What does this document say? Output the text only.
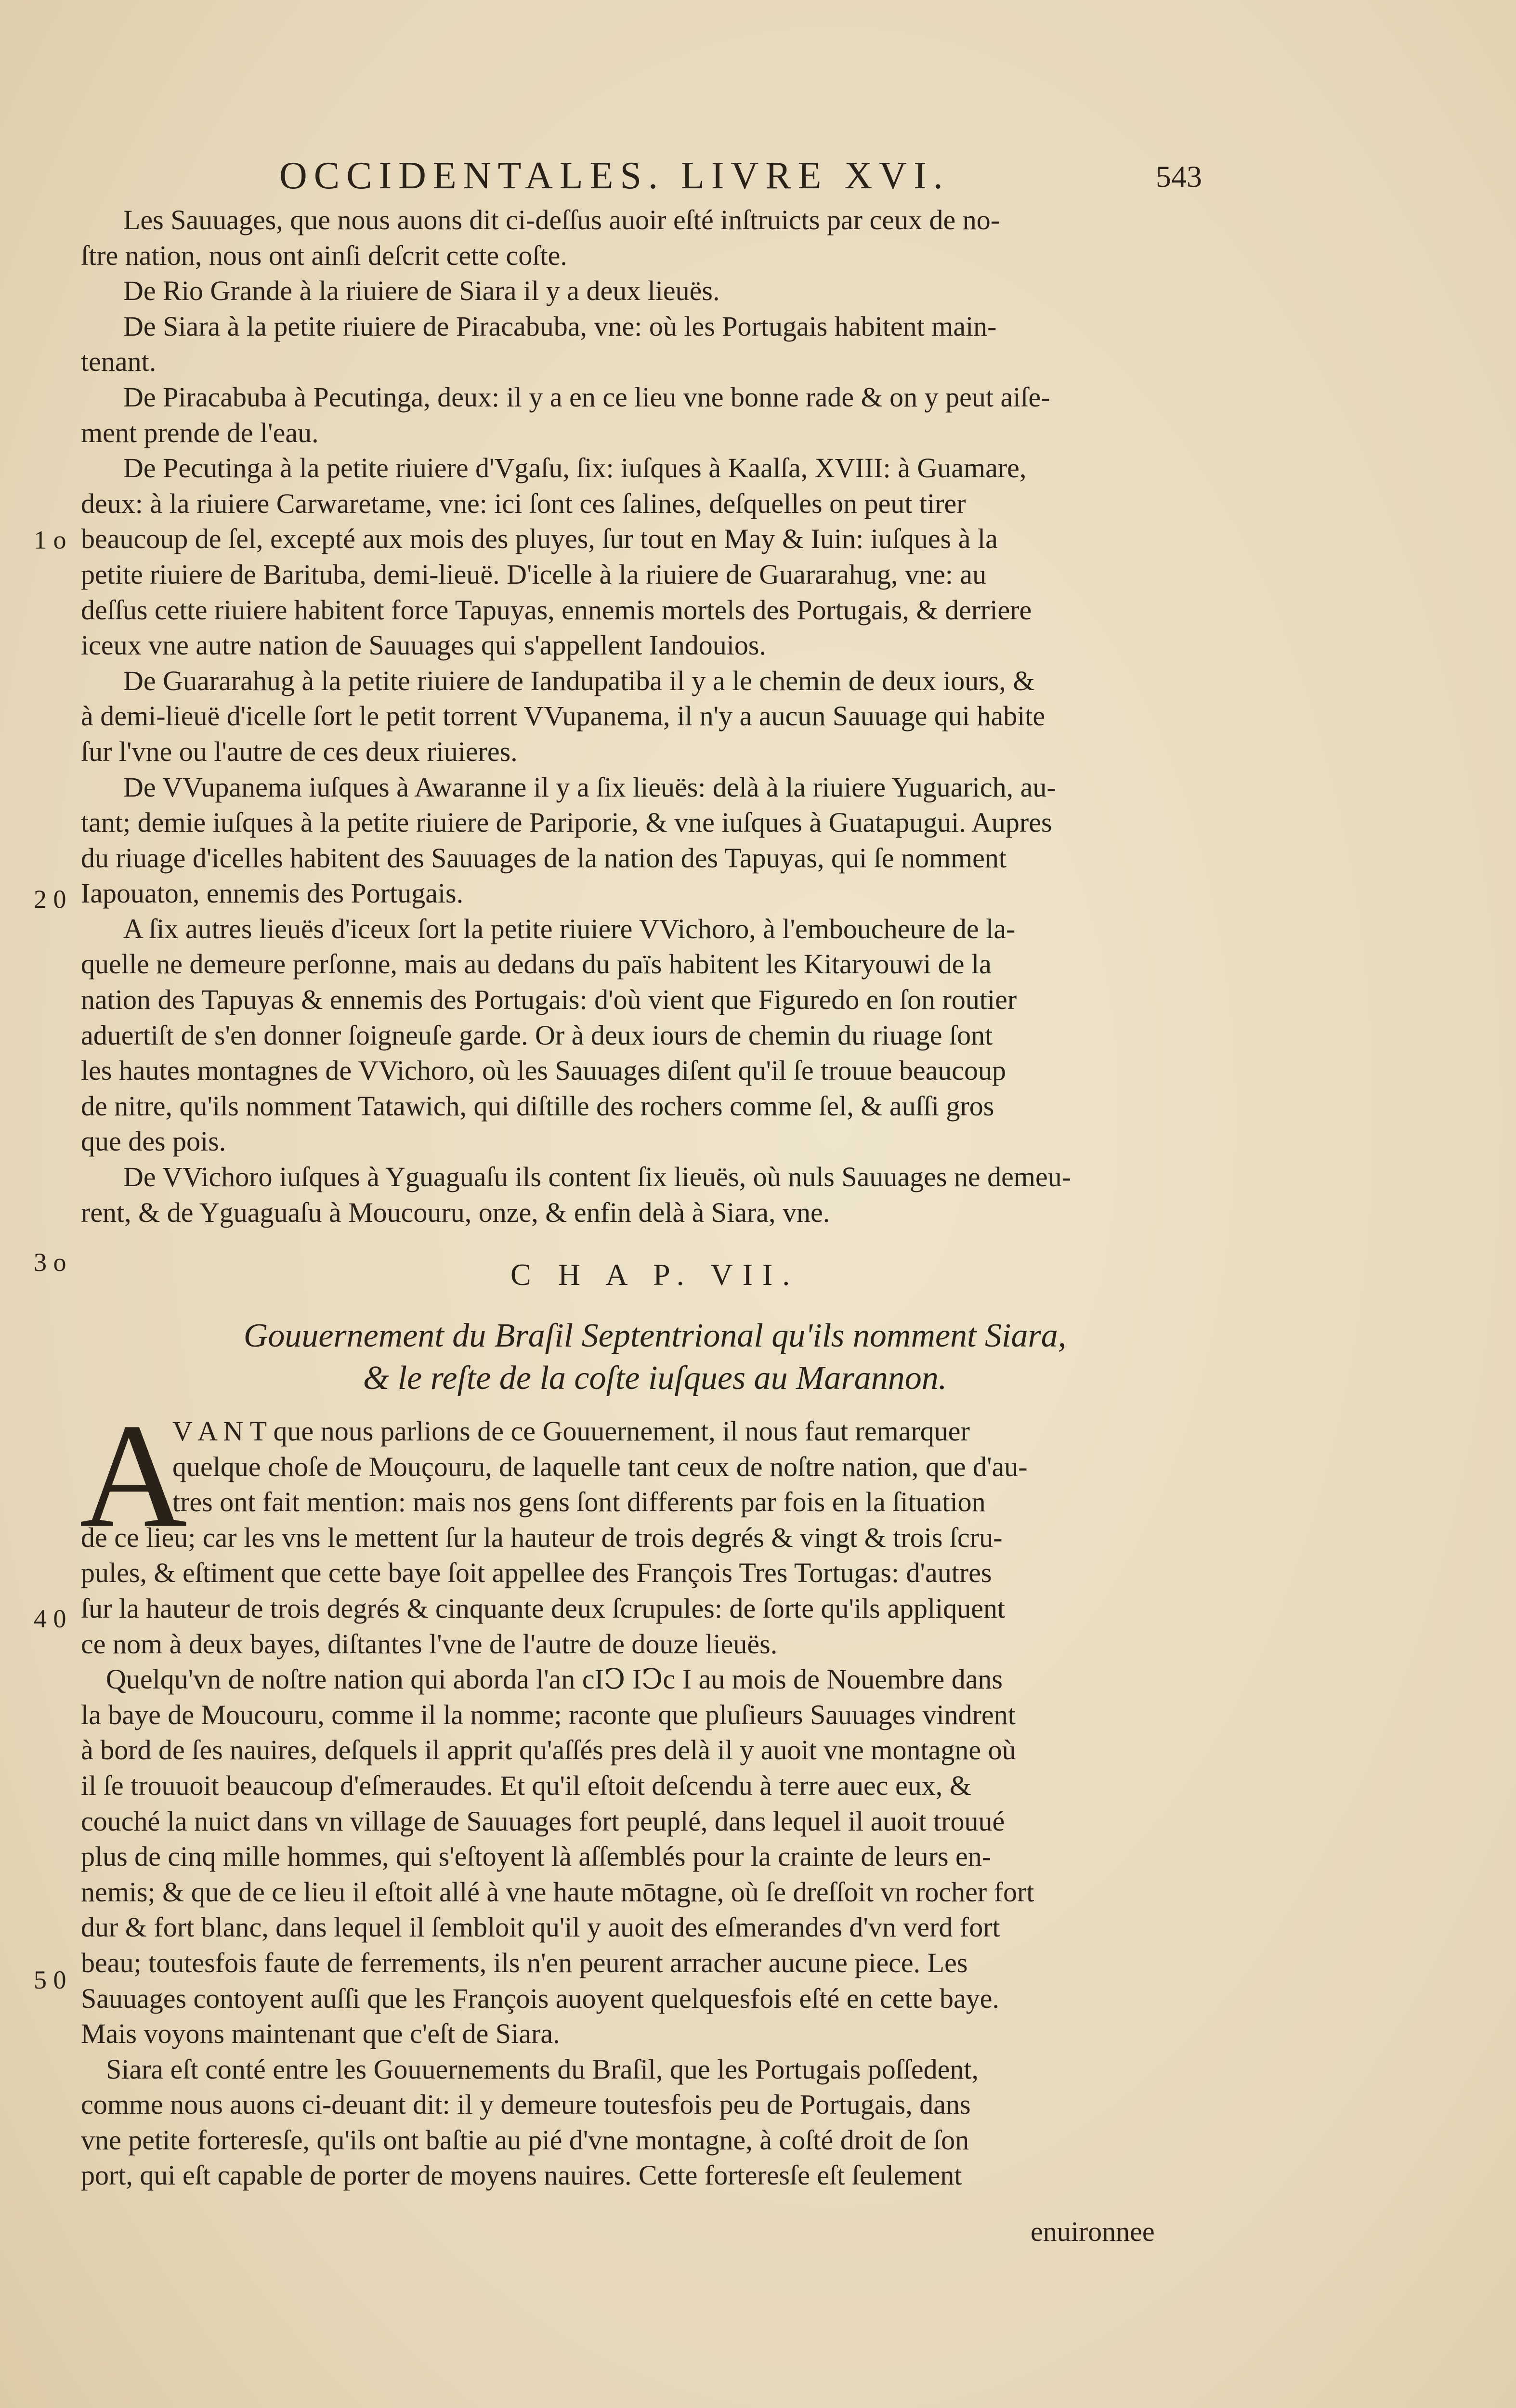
OCCIDENTALES. LIVRE XVI.	543
1 o
2 0
3 o
4 0
5 0
Les Sauuages, que nous auons dit ci-deſſus auoir eſté inſtruicts par ceux de no-
ſtre nation, nous ont ainſi deſcrit cette coſte.
De Rio Grande à la riuiere de Siara il y a deux lieuës.
De Siara à la petite riuiere de Piracabuba, vne: où les Portugais habitent main-
tenant.
De Piracabuba à Pecutinga, deux: il y a en ce lieu vne bonne rade & on y peut aiſe-
ment prende de l'eau.
De Pecutinga à la petite riuiere d'Vgaſu, ſix: iuſques à Kaalſa, XVIII: à Guamare,
deux: à la riuiere Carwaretame, vne: ici ſont ces ſalines, deſquelles on peut tirer
beaucoup de ſel, excepté aux mois des pluyes, ſur tout en May & Iuin: iuſques à la
petite riuiere de Barituba, demi-lieuë. D'icelle à la riuiere de Guararahug, vne: au
deſſus cette riuiere habitent force Tapuyas, ennemis mortels des Portugais, & derriere
iceux vne autre nation de Sauuages qui s'appellent Iandouios.
De Guararahug à la petite riuiere de Iandupatiba il y a le chemin de deux iours, &
à demi-lieuë d'icelle ſort le petit torrent VVupanema, il n'y a aucun Sauuage qui habite
ſur l'vne ou l'autre de ces deux riuieres.
De VVupanema iuſques à Awaranne il y a ſix lieuës: delà à la riuiere Yuguarich, au-
tant; demie iuſques à la petite riuiere de Pariporie, & vne iuſques à Guatapugui. Aupres
du riuage d'icelles habitent des Sauuages de la nation des Tapuyas, qui ſe nomment
Iapouaton, ennemis des Portugais.
A ſix autres lieuës d'iceux ſort la petite riuiere VVichoro, à l'embouchеure de la-
quelle ne demeure perſonne, mais au dedans du païs habitent les Kitaryouwi de la
nation des Tapuyas & ennemis des Portugais: d'où vient que Figuredo en ſon routier
aduertiſt de s'en donner ſoigneuſe garde. Or à deux iours de chemin du riuage ſont
les hautes montagnes de VVichoro, où les Sauuages diſent qu'il ſe trouue beaucoup
de nitre, qu'ils nomment Tatawich, qui diſtille des rochers comme ſel, & auſſi gros
que des pois.
De VVichoro iuſques à Yguaguaſu ils content ſix lieuës, où nuls Sauuages ne demeu-
rent, & de Yguaguaſu à Moucouru, onze, & enfin delà à Siara, vne.
C H A P. VII.
Gouuernement du Braſil Septentrional qu'ils nomment Siara,
& le reſte de la coſte iuſques au Marannon.
A
V A N T que nous parlions de ce Gouuernement, il nous faut remarquer
quelque choſe de Mouçouru, de laquelle tant ceux de noſtre nation, que d'au-
tres ont fait mention: mais nos gens ſont differents par fois en la ſituation
de ce lieu; car les vns le mettent ſur la hauteur de trois degrés & vingt & trois ſcru-
pules, & eſtiment que cette baye ſoit appellee des François Tres Tortugas: d'autres
ſur la hauteur de trois degrés & cinquante deux ſcrupules: de ſorte qu'ils appliquent
ce nom à deux bayes, diſtantes l'vne de l'autre de douze lieuës.
Quelqu'vn de noſtre nation qui aborda l'an cIↃ IↃc I au mois de Nouembre dans
la baye de Moucouru, comme il la nomme; raconte que pluſieurs Sauuages vindrent
à bord de ſes nauires, deſquels il apprit qu'aſſés pres delà il y auoit vne montagne où
il ſe trouuoit beaucoup d'eſmeraudes. Et qu'il eſtoit deſcendu à terre auec eux, &
couché la nuict dans vn village de Sauuages fort peuplé, dans lequel il auoit trouué
plus de cinq mille hommes, qui s'eſtoyent là aſſemblés pour la crainte de leurs en-
nemis; & que de ce lieu il eſtoit allé à vne haute mōtagne, où ſe dreſſoit vn rocher fort
dur & fort blanc, dans lequel il ſembloit qu'il y auoit des eſmerandes d'vn verd fort
beau; toutesfois faute de ferrements, ils n'en peurent arracher aucune piece. Les
Sauuages contoyent auſſi que les François auoyent quelquesfois eſté en cette baye.
Mais voyons maintenant que c'eſt de Siara.
Siara eſt conté entre les Gouuernements du Braſil, que les Portugais poſſedent,
comme nous auons ci-deuant dit: il y demeure toutesfois peu de Portugais, dans
vne petite forteresſe, qu'ils ont baſtie au pié d'vne montagne, à coſté droit de ſon
port, qui eſt capable de porter de moyens nauires. Cette forteresſe eſt ſeulement
enuironnee
